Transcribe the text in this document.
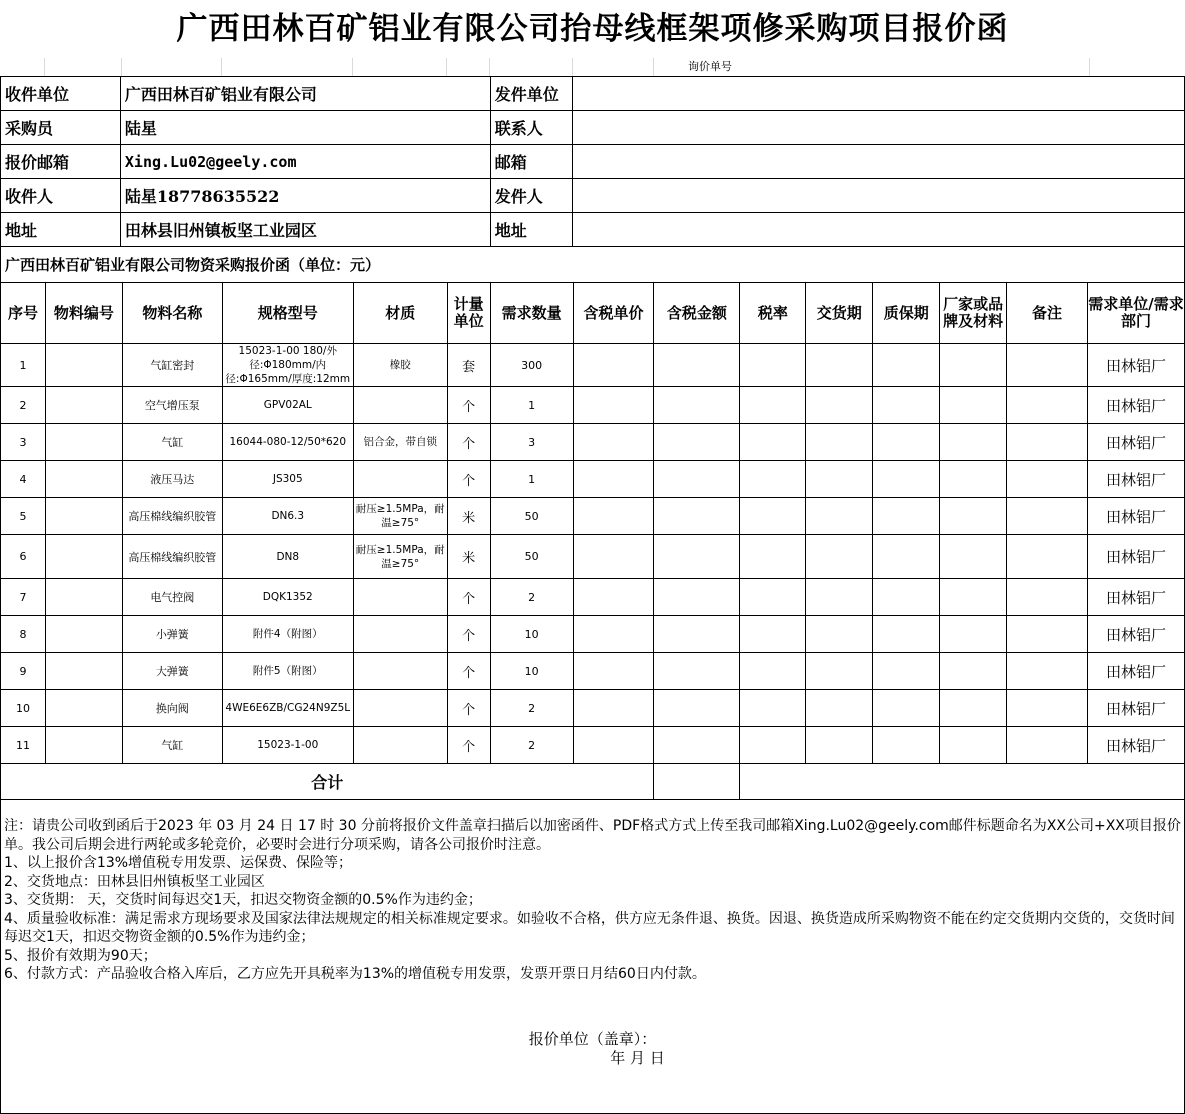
广西田林百矿铝业有限公司抬母线框架项修采购项目报价函
询价单号
收件单位	广西田林百矿铝业有限公司	发件单位	
采购员	陆星	联系人	
报价邮箱	Xing.Lu02@geely.com	邮箱	
收件人	陆星18778635522	发件人	
地址	田林县旧州镇板坚工业园区	地址	
广西田林百矿铝业有限公司物资采购报价函（单位：元）
序号	物料编号	物料名称	规格型号	材质	计量单位	需求数量	含税单价	含税金额	税率	交货期	质保期	厂家或品牌及材料	备注	需求单位/需求部门
1		气缸密封	15023-1-00 180/外径:Φ180mm/内径:Φ165mm/厚度:12mm	橡胶	套	300								田林铝厂
2		空气增压泵	GPV02AL		个	1								田林铝厂
3		气缸	16044-080-12/50*620	铝合金，带自锁	个	3								田林铝厂
4		液压马达	JS305		个	1								田林铝厂
5		高压棉线编织胶管	DN6.3	耐压≥1.5MPa，耐温≥75°	米	50								田林铝厂
6		高压棉线编织胶管	DN8	耐压≥1.5MPa，耐温≥75°	米	50								田林铝厂
7		电气控阀	DQK1352		个	2								田林铝厂
8		小弹簧	附件4（附图）		个	10								田林铝厂
9		大弹簧	附件5（附图）		个	10								田林铝厂
10		换向阀	4WE6E6ZB/CG24N9Z5L		个	2								田林铝厂
11		气缸	15023-1-00		个	2								田林铝厂
合计														

注：请贵公司收到函后于2023 年 03 月 24 日 17 时 30 分前将报价文件盖章扫描后以加密函件、PDF格式方式上传至我司邮箱Xing.Lu02@geely.com邮件标题命名为XX公司+XX项目报价单。我公司后期会进行两轮或多轮竞价，必要时会进行分项采购，请各公司报价时注意。

1、以上报价含13%增值税专用发票、运保费、保险等；

2、交货地点：田林县旧州镇板坚工业园区

3、交货期： 天，交货时间每迟交1天，扣迟交物资金额的0.5%作为违约金；

4、质量验收标准：满足需求方现场要求及国家法律法规规定的相关标准规定要求。如验收不合格，供方应无条件退、换货。因退、换货造成所采购物资不能在约定交货期内交货的，交货时间每迟交1天，扣迟交物资金额的0.5%作为违约金；

5、报价有效期为90天；

6、付款方式：产品验收合格入库后，乙方应先开具税率为13%的增值税专用发票，发票开票日月结60日内付款。

报价单位（盖章）：
年 月 日
